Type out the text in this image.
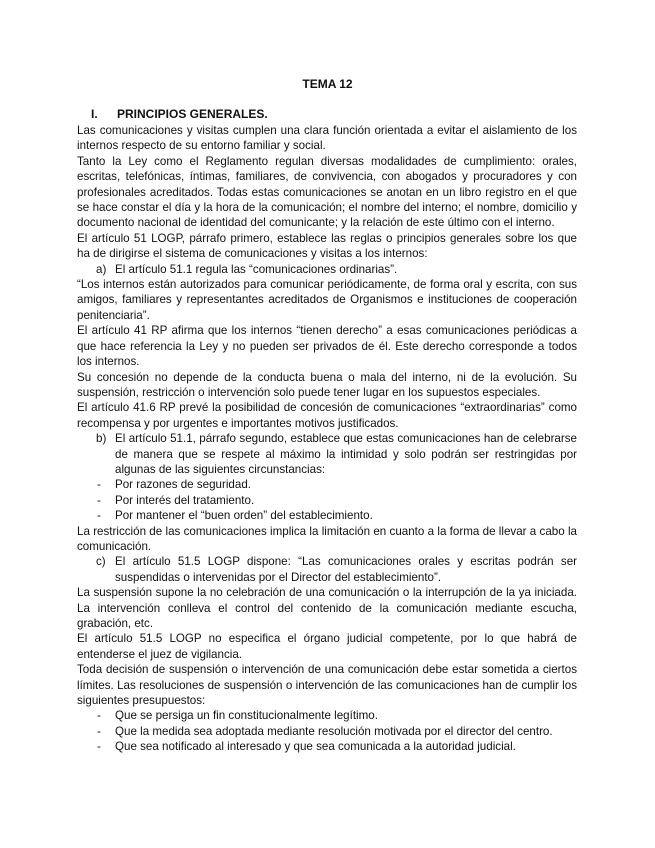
TEMA 12
I. PRINCIPIOS GENERALES.

Las comunicaciones y visitas cumplen una clara función orientada a evitar el aislamiento de los internos respecto de su entorno familiar y social.

Tanto la Ley como el Reglamento regulan diversas modalidades de cumplimiento: orales, escritas, telefónicas, íntimas, familiares, de convivencia, con abogados y procuradores y con profesionales acreditados. Todas estas comunicaciones se anotan en un libro registro en el que se hace constar el día y la hora de la comunicación; el nombre del interno; el nombre, domicilio y documento nacional de identidad del comunicante; y la relación de este último con el interno.

El artículo 51 LOGP, párrafo primero, establece las reglas o principios generales sobre los que ha de dirigirse el sistema de comunicaciones y visitas a los internos:

a) El artículo 51.1 regula las “comunicaciones ordinarias”.

“Los internos están autorizados para comunicar periódicamente, de forma oral y escrita, con sus amigos, familiares y representantes acreditados de Organismos e instituciones de cooperación penitenciaria”.

El artículo 41 RP afirma que los internos “tienen derecho” a esas comunicaciones periódicas a que hace referencia la Ley y no pueden ser privados de él. Este derecho corresponde a todos los internos.

Su concesión no depende de la conducta buena o mala del interno, ni de la evolución. Su suspensión, restricción o intervención solo puede tener lugar en los supuestos especiales.

El artículo 41.6 RP prevé la posibilidad de concesión de comunicaciones “extraordinarias” como recompensa y por urgentes e importantes motivos justificados.

b) El artículo 51.1, párrafo segundo, establece que estas comunicaciones han de celebrarse de manera que se respete al máximo la intimidad y solo podrán ser restringidas por algunas de las siguientes circunstancias:
- Por razones de seguridad.
- Por interés del tratamiento.
- Por mantener el “buen orden” del establecimiento.

La restricción de las comunicaciones implica la limitación en cuanto a la forma de llevar a cabo la comunicación.

c) El artículo 51.5 LOGP dispone: “Las comunicaciones orales y escritas podrán ser suspendidas o intervenidas por el Director del establecimiento”.

La suspensión supone la no celebración de una comunicación o la interrupción de la ya iniciada. La intervención conlleva el control del contenido de la comunicación mediante escucha, grabación, etc.

El artículo 51.5 LOGP no especifica el órgano judicial competente, por lo que habrá de entenderse el juez de vigilancia.

Toda decisión de suspensión o intervención de una comunicación debe estar sometida a ciertos límites. Las resoluciones de suspensión o intervención de las comunicaciones han de cumplir los siguientes presupuestos:

- Que se persiga un fin constitucionalmente legítimo.
- Que la medida sea adoptada mediante resolución motivada por el director del centro.
- Que sea notificado al interesado y que sea comunicada a la autoridad judicial.
